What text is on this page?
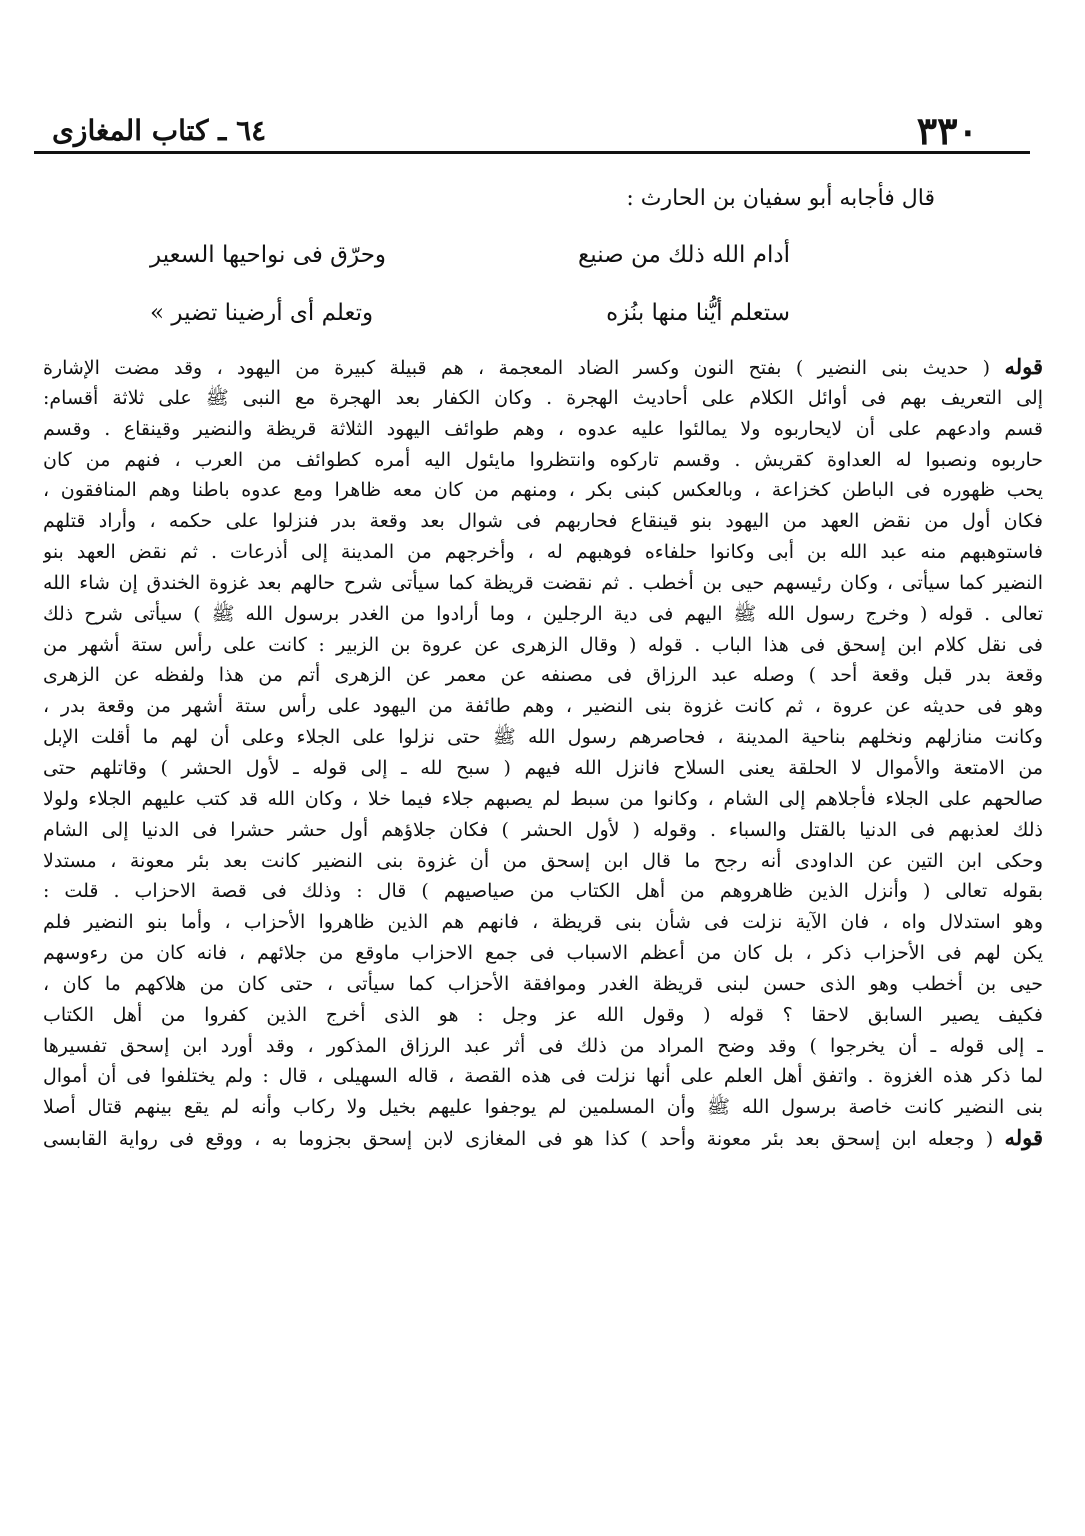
٣٣٠
٦٤ ـ كتاب المغازى
قال فأجابه أبو سفيان بن الحارث :
أدام الله ذلك من صنيع
وحرّق فى نواحيها السعير
ستعلم أيُّنا منها بنُزه
وتعلم أى أرضينا تضير »
قوله ( حديث بنى النضير ) بفتح النون وكسر الضاد المعجمة ، هم قبيلة كبيرة من اليهود ، وقد مضت الإشارة
إلى التعريف بهم فى أوائل الكلام على أحاديث الهجرة . وكان الكفار بعد الهجرة مع النبى ﷺ على ثلاثة أقسام:
قسم وادعهم على أن لايحاربوه ولا يمالئوا عليه عدوه ، وهم طوائف اليهود الثلاثة قريظة والنضير وقينقاع . وقسم
حاربوه ونصبوا له العداوة كقريش . وقسم تاركوه وانتظروا مايئول اليه أمره كطوائف من العرب ، فنهم من كان
يحب ظهوره فى الباطن كخزاعة ، وبالعكس كبنى بكر ، ومنهم من كان معه ظاهرا ومع عدوه باطنا وهم المنافقون ،
فكان أول من نقض العهد من اليهود بنو قينقاع فحاربهم فى شوال بعد وقعة بدر فنزلوا على حكمه ، وأراد قتلهم
فاستوهبهم منه عبد الله بن أبى وكانوا حلفاءه فوهبهم له ، وأخرجهم من المدينة إلى أذرعات . ثم نقض العهد بنو
النضير كما سيأتى ، وكان رئيسهم حيى بن أخطب . ثم نقضت قريظة كما سيأتى شرح حالهم بعد غزوة الخندق إن شاء الله
تعالى . قوله ( وخرج رسول الله ﷺ اليهم فى دية الرجلين ، وما أرادوا من الغدر برسول الله ﷺ ) سيأتى شرح ذلك
فى نقل كلام ابن إسحق فى هذا الباب . قوله ( وقال الزهرى عن عروة بن الزبير : كانت على رأس ستة أشهر من
وقعة بدر قبل وقعة أحد ) وصله عبد الرزاق فى مصنفه عن معمر عن الزهرى أتم من هذا ولفظه عن الزهرى
وهو فى حديثه عن عروة ، ثم كانت غزوة بنى النضير ، وهم طائفة من اليهود على رأس ستة أشهر من وقعة بدر ،
وكانت منازلهم ونخلهم بناحية المدينة ، فحاصرهم رسول الله ﷺ حتى نزلوا على الجلاء وعلى أن لهم ما أقلت الإبل
من الامتعة والأموال لا الحلقة يعنى السلاح فانزل الله فيهم ( سبح لله ـ إلى قوله ـ لأول الحشر ) وقاتلهم حتى
صالحهم على الجلاء فأجلاهم إلى الشام ، وكانوا من سبط لم يصبهم جلاء فيما خلا ، وكان الله قد كتب عليهم الجلاء ولولا
ذلك لعذبهم فى الدنيا بالقتل والسباء . وقوله ( لأول الحشر ) فكان جلاؤهم أول حشر حشرا فى الدنيا إلى الشام
وحكى ابن التين عن الداودى أنه رجح ما قال ابن إسحق من أن غزوة بنى النضير كانت بعد بئر معونة ، مستدلا
بقوله تعالى ( وأنزل الذين ظاهروهم من أهل الكتاب من صياصيهم ) قال : وذلك فى قصة الاحزاب . قلت :
وهو استدلال واه ، فان الآية نزلت فى شأن بنى قريظة ، فانهم هم الذين ظاهروا الأحزاب ، وأما بنو النضير فلم
يكن لهم فى الأحزاب ذكر ، بل كان من أعظم الاسباب فى جمع الاحزاب ماوقع من جلائهم ، فانه كان من رءوسهم
حيى بن أخطب وهو الذى حسن لبنى قريظة الغدر وموافقة الأحزاب كما سيأتى ، حتى كان من هلاكهم ما كان ،
فكيف يصير السابق لاحقا ؟ قوله ( وقول الله عز وجل : هو الذى أخرج الذين كفروا من أهل الكتاب
ـ إلى قوله ـ أن يخرجوا ) وقد وضح المراد من ذلك فى أثر عبد الرزاق المذكور ، وقد أورد ابن إسحق تفسيرها
لما ذكر هذه الغزوة . واتفق أهل العلم على أنها نزلت فى هذه القصة ، قاله السهيلى ، قال : ولم يختلفوا فى أن أموال
بنى النضير كانت خاصة برسول الله ﷺ وأن المسلمين لم يوجفوا عليهم بخيل ولا ركاب وأنه لم يقع بينهم قتال أصلا
قوله ( وجعله ابن إسحق بعد بئر معونة وأحد ) كذا هو فى المغازى لابن إسحق بجزوما به ، ووقع فى رواية القابسى
